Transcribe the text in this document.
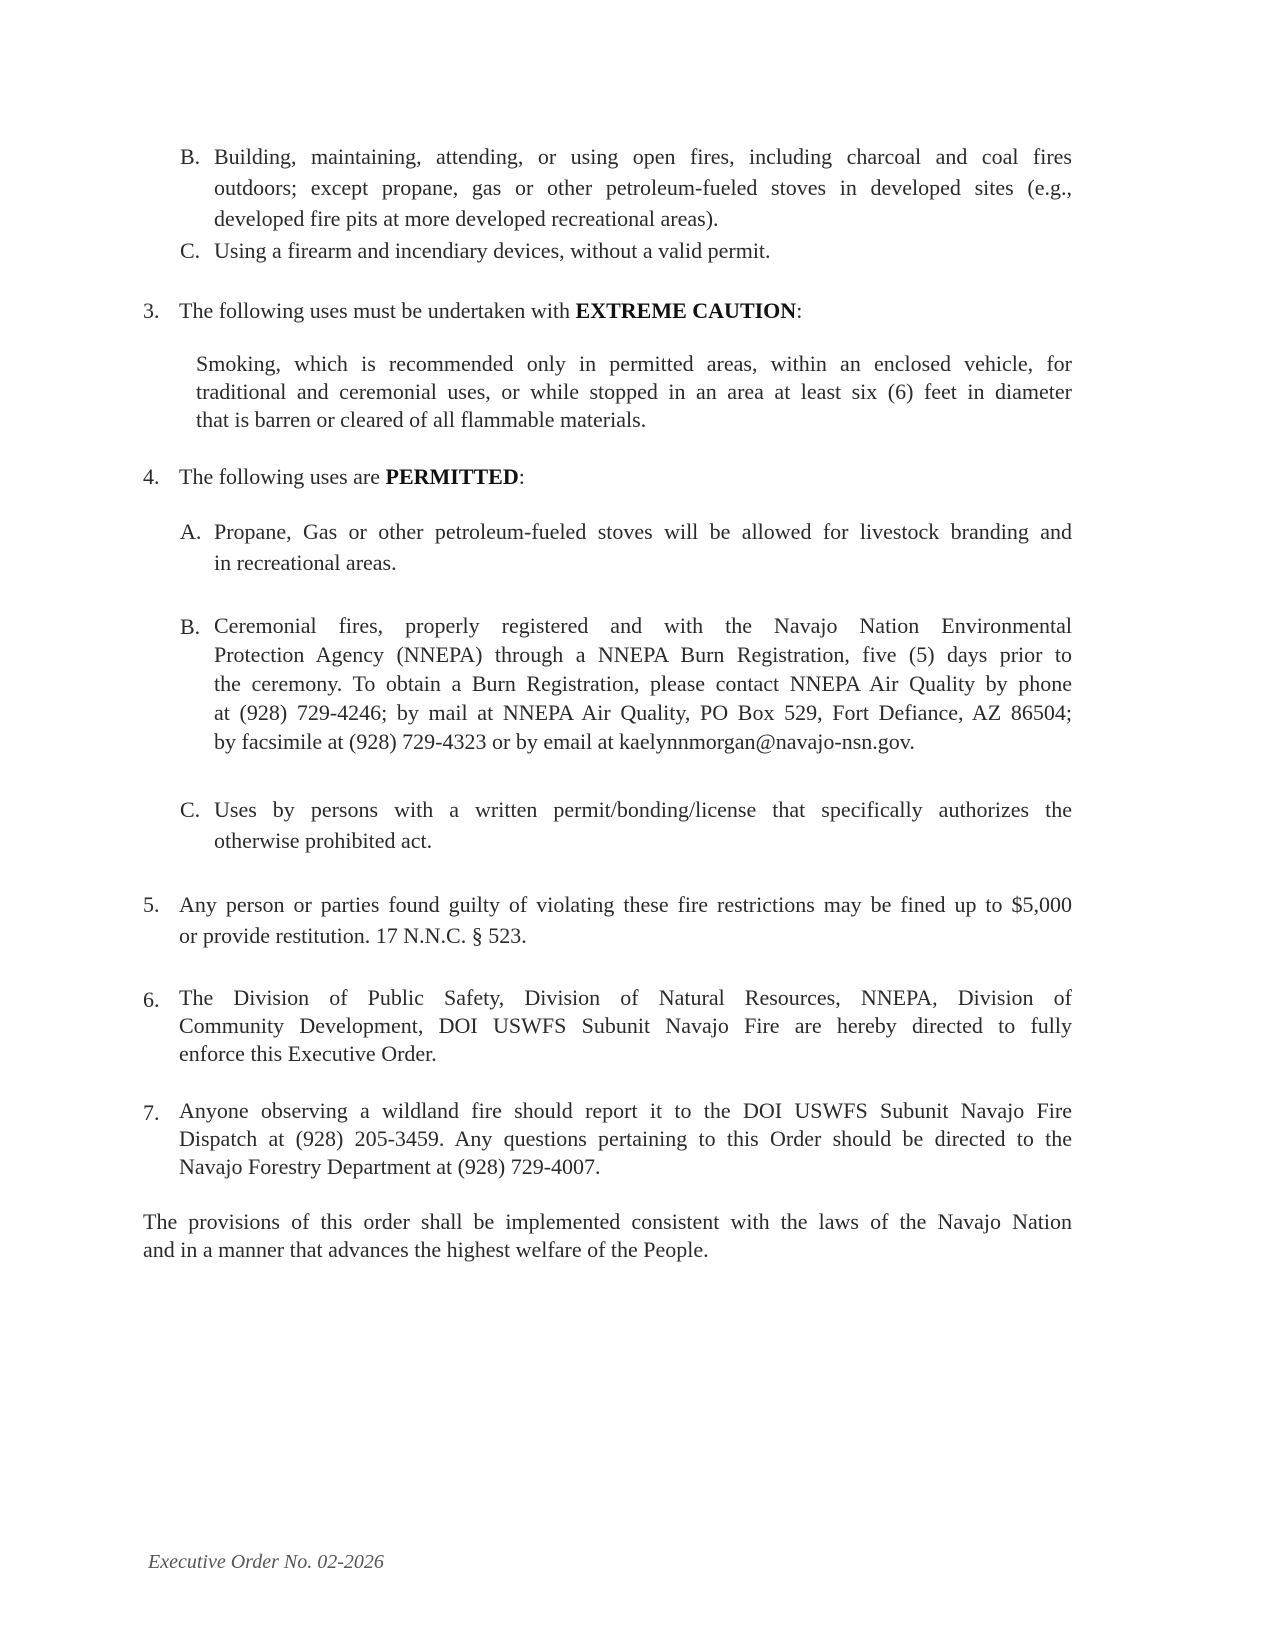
B. Building, maintaining, attending, or using open fires, including charcoal and coal fires
outdoors; except propane, gas or other petroleum-fueled stoves in developed sites (e.g.,
developed fire pits at more developed recreational areas).
C. Using a firearm and incendiary devices, without a valid permit.
3. The following uses must be undertaken with EXTREME CAUTION:
Smoking, which is recommended only in permitted areas, within an enclosed vehicle, for
traditional and ceremonial uses, or while stopped in an area at least six (6) feet in diameter
that is barren or cleared of all flammable materials.
4. The following uses are PERMITTED:
A. Propane, Gas or other petroleum-fueled stoves will be allowed for livestock branding and
in recreational areas.
B. Ceremonial fires, properly registered and with the Navajo Nation Environmental
Protection Agency (NNEPA) through a NNEPA Burn Registration, five (5) days prior to
the ceremony. To obtain a Burn Registration, please contact NNEPA Air Quality by phone
at (928) 729-4246; by mail at NNEPA Air Quality, PO Box 529, Fort Defiance, AZ 86504;
by facsimile at (928) 729-4323 or by email at kaelynnmorgan@navajo-nsn.gov.
C. Uses by persons with a written permit/bonding/license that specifically authorizes the
otherwise prohibited act.
5. Any person or parties found guilty of violating these fire restrictions may be fined up to $5,000
or provide restitution. 17 N.N.C. § 523.
6. The Division of Public Safety, Division of Natural Resources, NNEPA, Division of
Community Development, DOI USWFS Subunit Navajo Fire are hereby directed to fully
enforce this Executive Order.
7. Anyone observing a wildland fire should report it to the DOI USWFS Subunit Navajo Fire
Dispatch at (928) 205-3459. Any questions pertaining to this Order should be directed to the
Navajo Forestry Department at (928) 729-4007.
The provisions of this order shall be implemented consistent with the laws of the Navajo Nation
and in a manner that advances the highest welfare of the People.
Executive Order No. 02-2026
